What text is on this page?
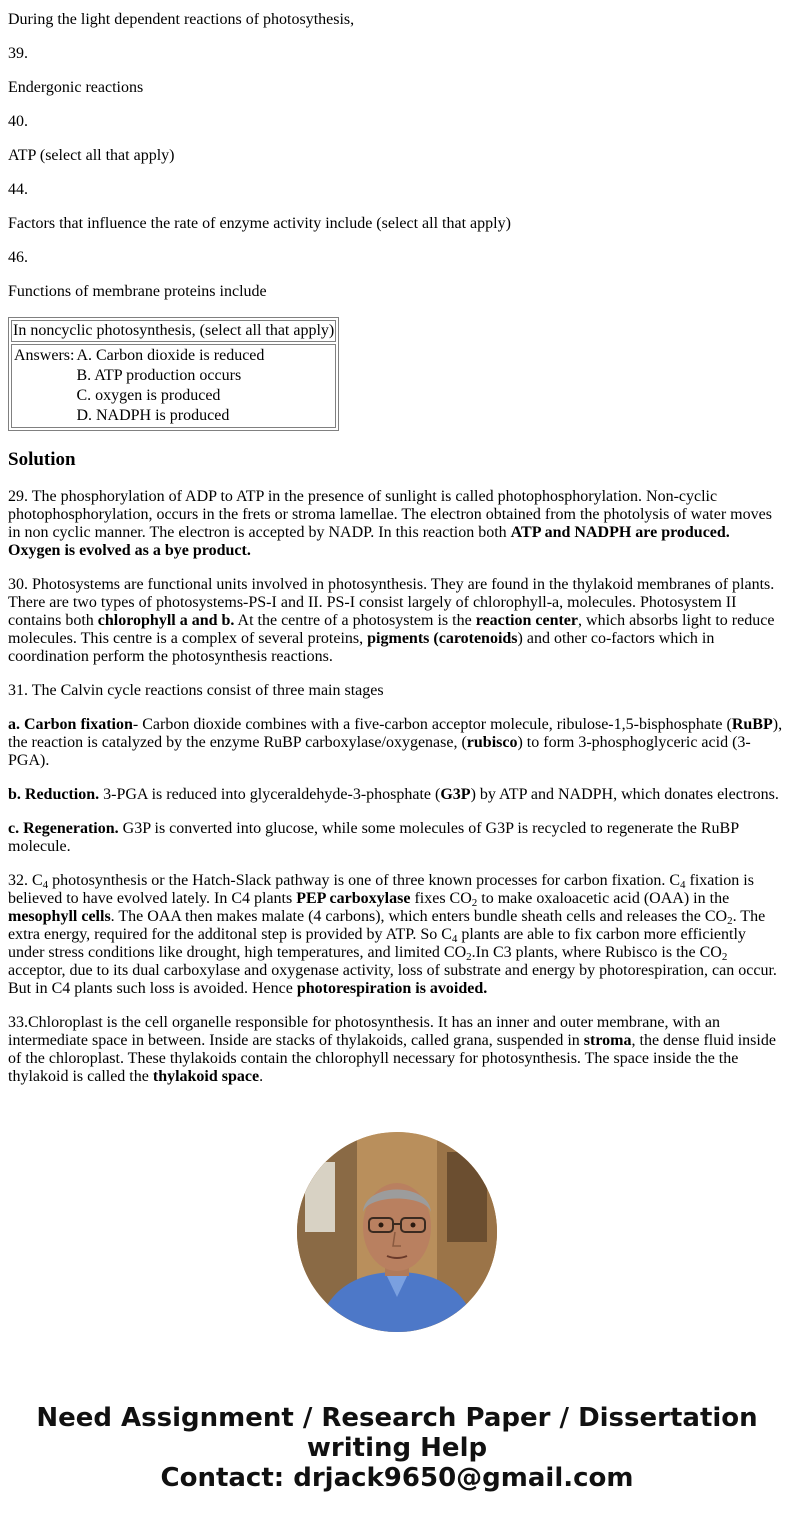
During the light dependent reactions of photosythesis,

39.

Endergonic reactions

40.

ATP (select all that apply)

44.

Factors that influence the rate of enzyme activity include (select all that apply)

46.

Functions of membrane proteins include

In noncyclic photosynthesis, (select all that apply)

Answers:	A. Carbon dioxide is reduced
B. ATP production occurs
C. oxygen is produced
D. NADPH is produced
Solution

29. The phosphorylation of ADP to ATP in the presence of sunlight is called photophosphorylation. Non-cyclic photophosphorylation, occurs in the frets or stroma lamellae. The electron obtained from the photolysis of water moves in non cyclic manner. The electron is accepted by NADP. In this reaction both ATP and NADPH are produced. Oxygen is evolved as a bye product.

30. Photosystems are functional units involved in photosynthesis. They are found in the thylakoid membranes of plants. There are two types of photosystems-PS-I and II. PS-I consist largely of chlorophyll-a, molecules. Photosystem II contains both chlorophyll a and b. At the centre of a photosystem is the reaction center, which absorbs light to reduce molecules. This centre is a complex of several proteins, pigments (carotenoids) and other co-factors which in coordination perform the photosynthesis reactions.

31. The Calvin cycle reactions consist of three main stages

a. Carbon fixation- Carbon dioxide combines with a five-carbon acceptor molecule, ribulose-1,5-bisphosphate (RuBP), the reaction is catalyzed by the enzyme RuBP carboxylase/oxygenase, (rubisco) to form 3-phosphoglyceric acid (3-PGA).

b. Reduction. 3-PGA is reduced into glyceraldehyde-3-phosphate (G3P) by ATP and NADPH, which donates electrons.

c. Regeneration. G3P is converted into glucose, while some molecules of G3P is recycled to regenerate the RuBP molecule.

32. $C_4$ photosynthesis or the Hatch-Slack pathway is one of three known processes for carbon fixation. $C_4$ fixation is believed to have evolved lately. In C4 plants PEP carboxylase fixes $CO_2$ to make oxaloacetic acid (OAA) in the mesophyll cells. The OAA then makes malate (4 carbons), which enters bundle sheath cells and releases the $CO_2$. The extra energy, required for the additonal step is provided by ATP. So $C_4$ plants are able to fix carbon more efficiently under stress conditions like drought, high temperatures, and limited $CO_2.In$ C3 plants, where Rubisco is the $CO_2$ acceptor, due to its dual carboxylase and oxygenase activity, loss of substrate and energy by photorespiration, can occur. But in C4 plants such loss is avoided. Hence photorespiration is avoided.

33.Chloroplast is the cell organelle responsible for photosynthesis. It has an inner and outer membrane, with an intermediate space in between. Inside are stacks of thylakoids, called grana, suspended in stroma, the dense fluid inside of the chloroplast. These thylakoids contain the chlorophyll necessary for photosynthesis. The space inside the the thylakoid is called the thylakoid space.

Need Assignment / Research Paper / Dissertation
writing Help
Contact: drjack9650@gmail.com
